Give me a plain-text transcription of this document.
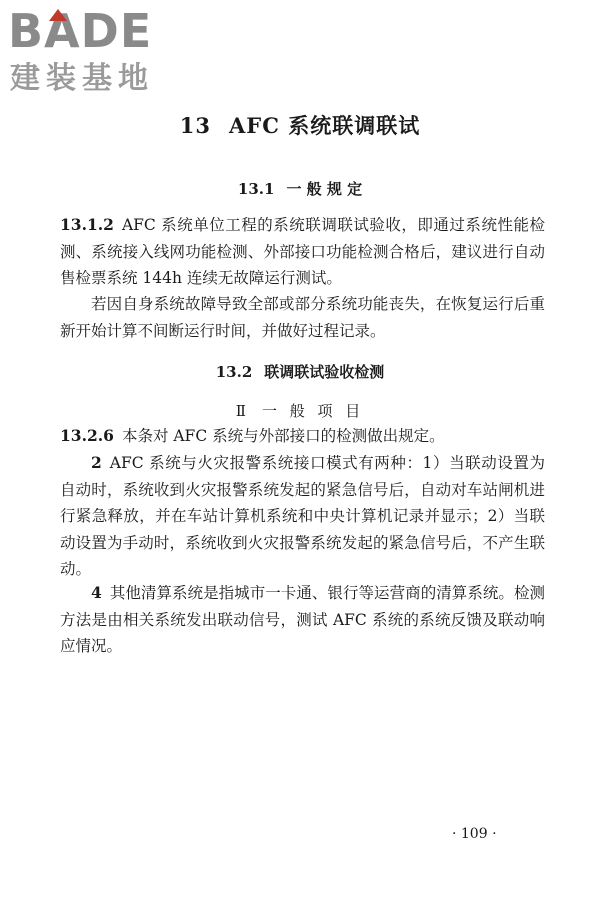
BADE
建装基地
13 AFC 系统联调联试
13.1 一 般 规 定

13.1.2 AFC 系统单位工程的系统联调联试验收，即通过系统性能检测、系统接入线网功能检测、外部接口功能检测合格后，建议进行自动售检票系统 144h 连续无故障运行测试。

若因自身系统故障导致全部或部分系统功能丧失，在恢复运行后重新开始计算不间断运行时间，并做好过程记录。

13.2 联调联试验收检测
Ⅱ 一 般 项 目

13.2.6 本条对 AFC 系统与外部接口的检测做出规定。

2 AFC 系统与火灾报警系统接口模式有两种：1）当联动设置为自动时，系统收到火灾报警系统发起的紧急信号后，自动对车站闸机进行紧急释放，并在车站计算机系统和中央计算机记录并显示；2）当联动设置为手动时，系统收到火灾报警系统发起的紧急信号后，不产生联动。

4 其他清算系统是指城市一卡通、银行等运营商的清算系统。检测方法是由相关系统发出联动信号，测试 AFC 系统的系统反馈及联动响应情况。

· 109 ·
